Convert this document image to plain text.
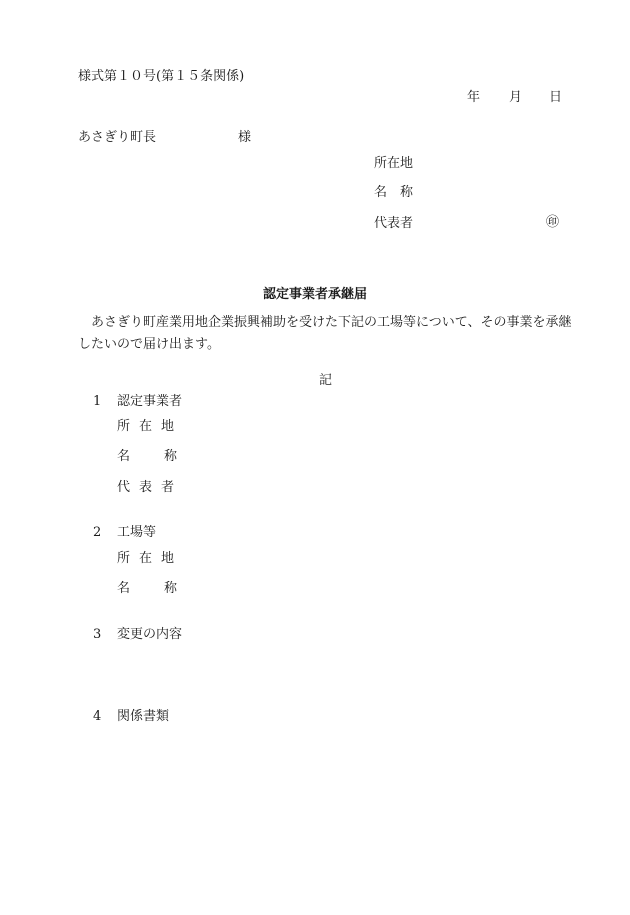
様式第１０号(第１５条関係)
年 月 日
あさぎり町長	様
所在地
名　称
代表者	㊞
認定事業者承継届
あさぎり町産業用地企業振興補助を受けた下記の工場等について、その事業を承継したいので届け出ます。
記
1 認定事業者
所在地
名称
代表者
2 工場等
所在地
名称
3 変更の内容
4 関係書類
